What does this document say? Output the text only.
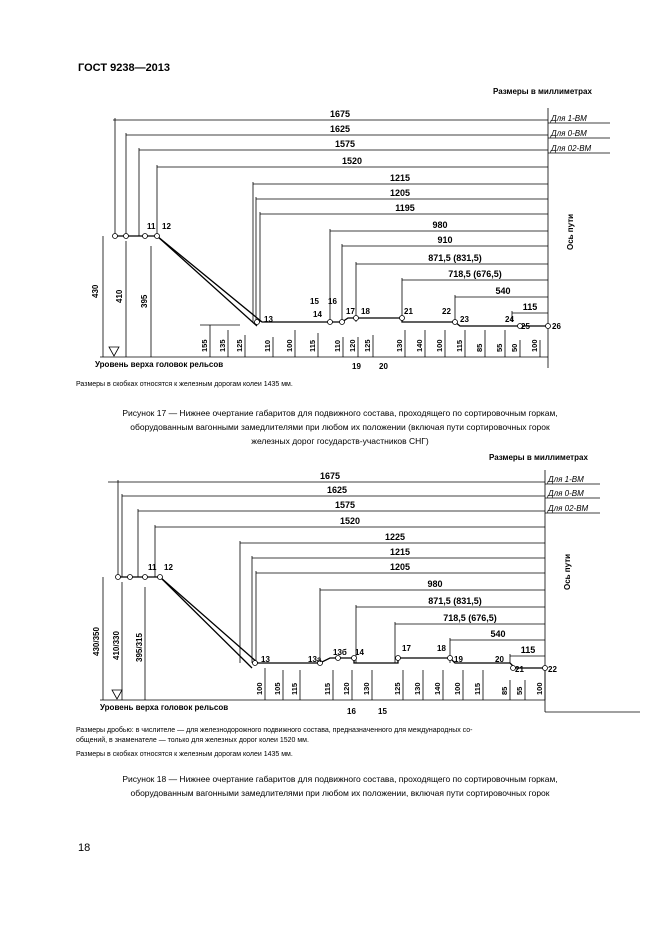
ГОСТ 9238—2013
Размеры в миллиметрах
1675
1625
1575
1520
1215
1205
1195
980
910
871,5 (831,5)
718,5 (676,5)
540
115
Для 1-ВМ
Для 0-ВМ
Для 02-ВМ
Ось пути
430 410 395
11 12
13
14
15 16
17 18
19 20
21	22
23	24
25	26
155 135 125	110 100 115 110 120 125	130 140 100 115 85 55 50 100
Уровень верха головок рельсов
Размеры в скобках относятся к железным дорогам колеи 1435 мм.
Рисунок 17 — Нижнее очертание габаритов для подвижного состава, проходящего по сортировочным горкам,
оборудованным вагонными замедлителями при любом их положении (включая пути сортировочных горок
железных дорог государств-участников СНГ)
Размеры в миллиметрах
1675
1625
1575
1520
1225
1215
1205
980
871,5 (831,5)
718,5 (676,5)
540
115
Для 1-ВМ
Для 0-ВМ
Для 02-ВМ
Ось пути
430/350 410/330 395/315
11 12
13	13а
13б 14
15
16
17	18
19	20
21	22
100 105 115	115 120 130	125 130 140 100 115 85 55 100
Уровень верха головок рельсов
Размеры дробью: в числителе — для железнодорожного подвижного состава, предназначенного для международных со-
общений, в знаменателе — только для железных дорог колеи 1520 мм.
Размеры в скобках относятся к железным дорогам колеи 1435 мм.
Рисунок 18 — Нижнее очертание габаритов для подвижного состава, проходящего по сортировочным горкам,
оборудованным вагонными замедлителями при любом их положении, включая пути сортировочных горок
18
